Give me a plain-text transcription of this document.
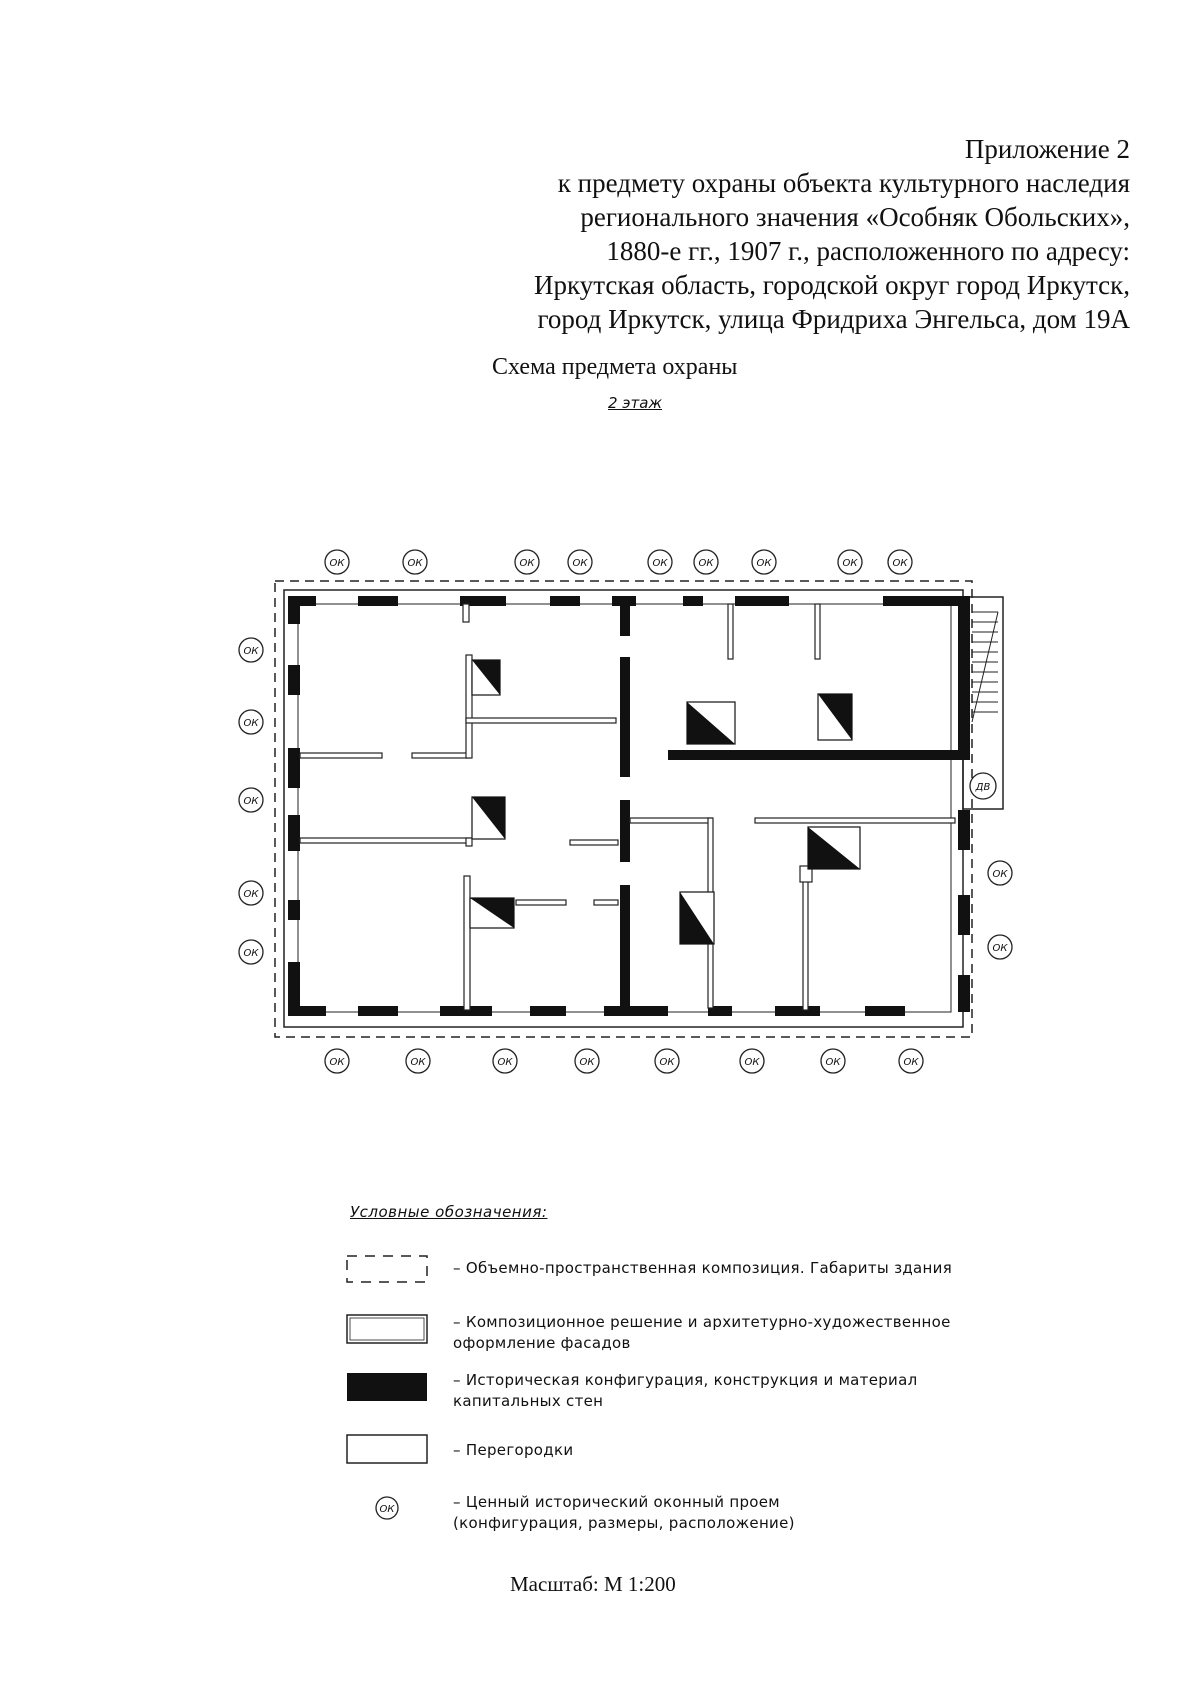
Приложение 2
к предмету охраны объекта культурного наследия
регионального значения «Особняк Обольских»,
1880-е гг., 1907 г., расположенного по адресу:
Иркутская область, городской округ город Иркутск,
город Иркутск, улица Фридриха Энгельса, дом 19А
Схема предмета охраны
2 этаж
ОК	ОК	ОК	ОК	ОК	ОК	ОК	ОК	ОК
ОК
ОК
ОК
ОК
ОК
ОК
ОК
ОК	ОК	ОК	ОК	ОК	ОК	ОК	ОК
ДВ
Условные обозначения:
– Объемно-пространственная композиция. Габариты здания
– Композиционное решение и архитетурно-художественное
оформление фасадов
– Историческая конфигурация, конструкция и материал
капитальных стен
– Перегородки
ОК	– Ценный исторический оконный проем
(конфигурация, размеры, расположение)
Масштаб: М 1:200
